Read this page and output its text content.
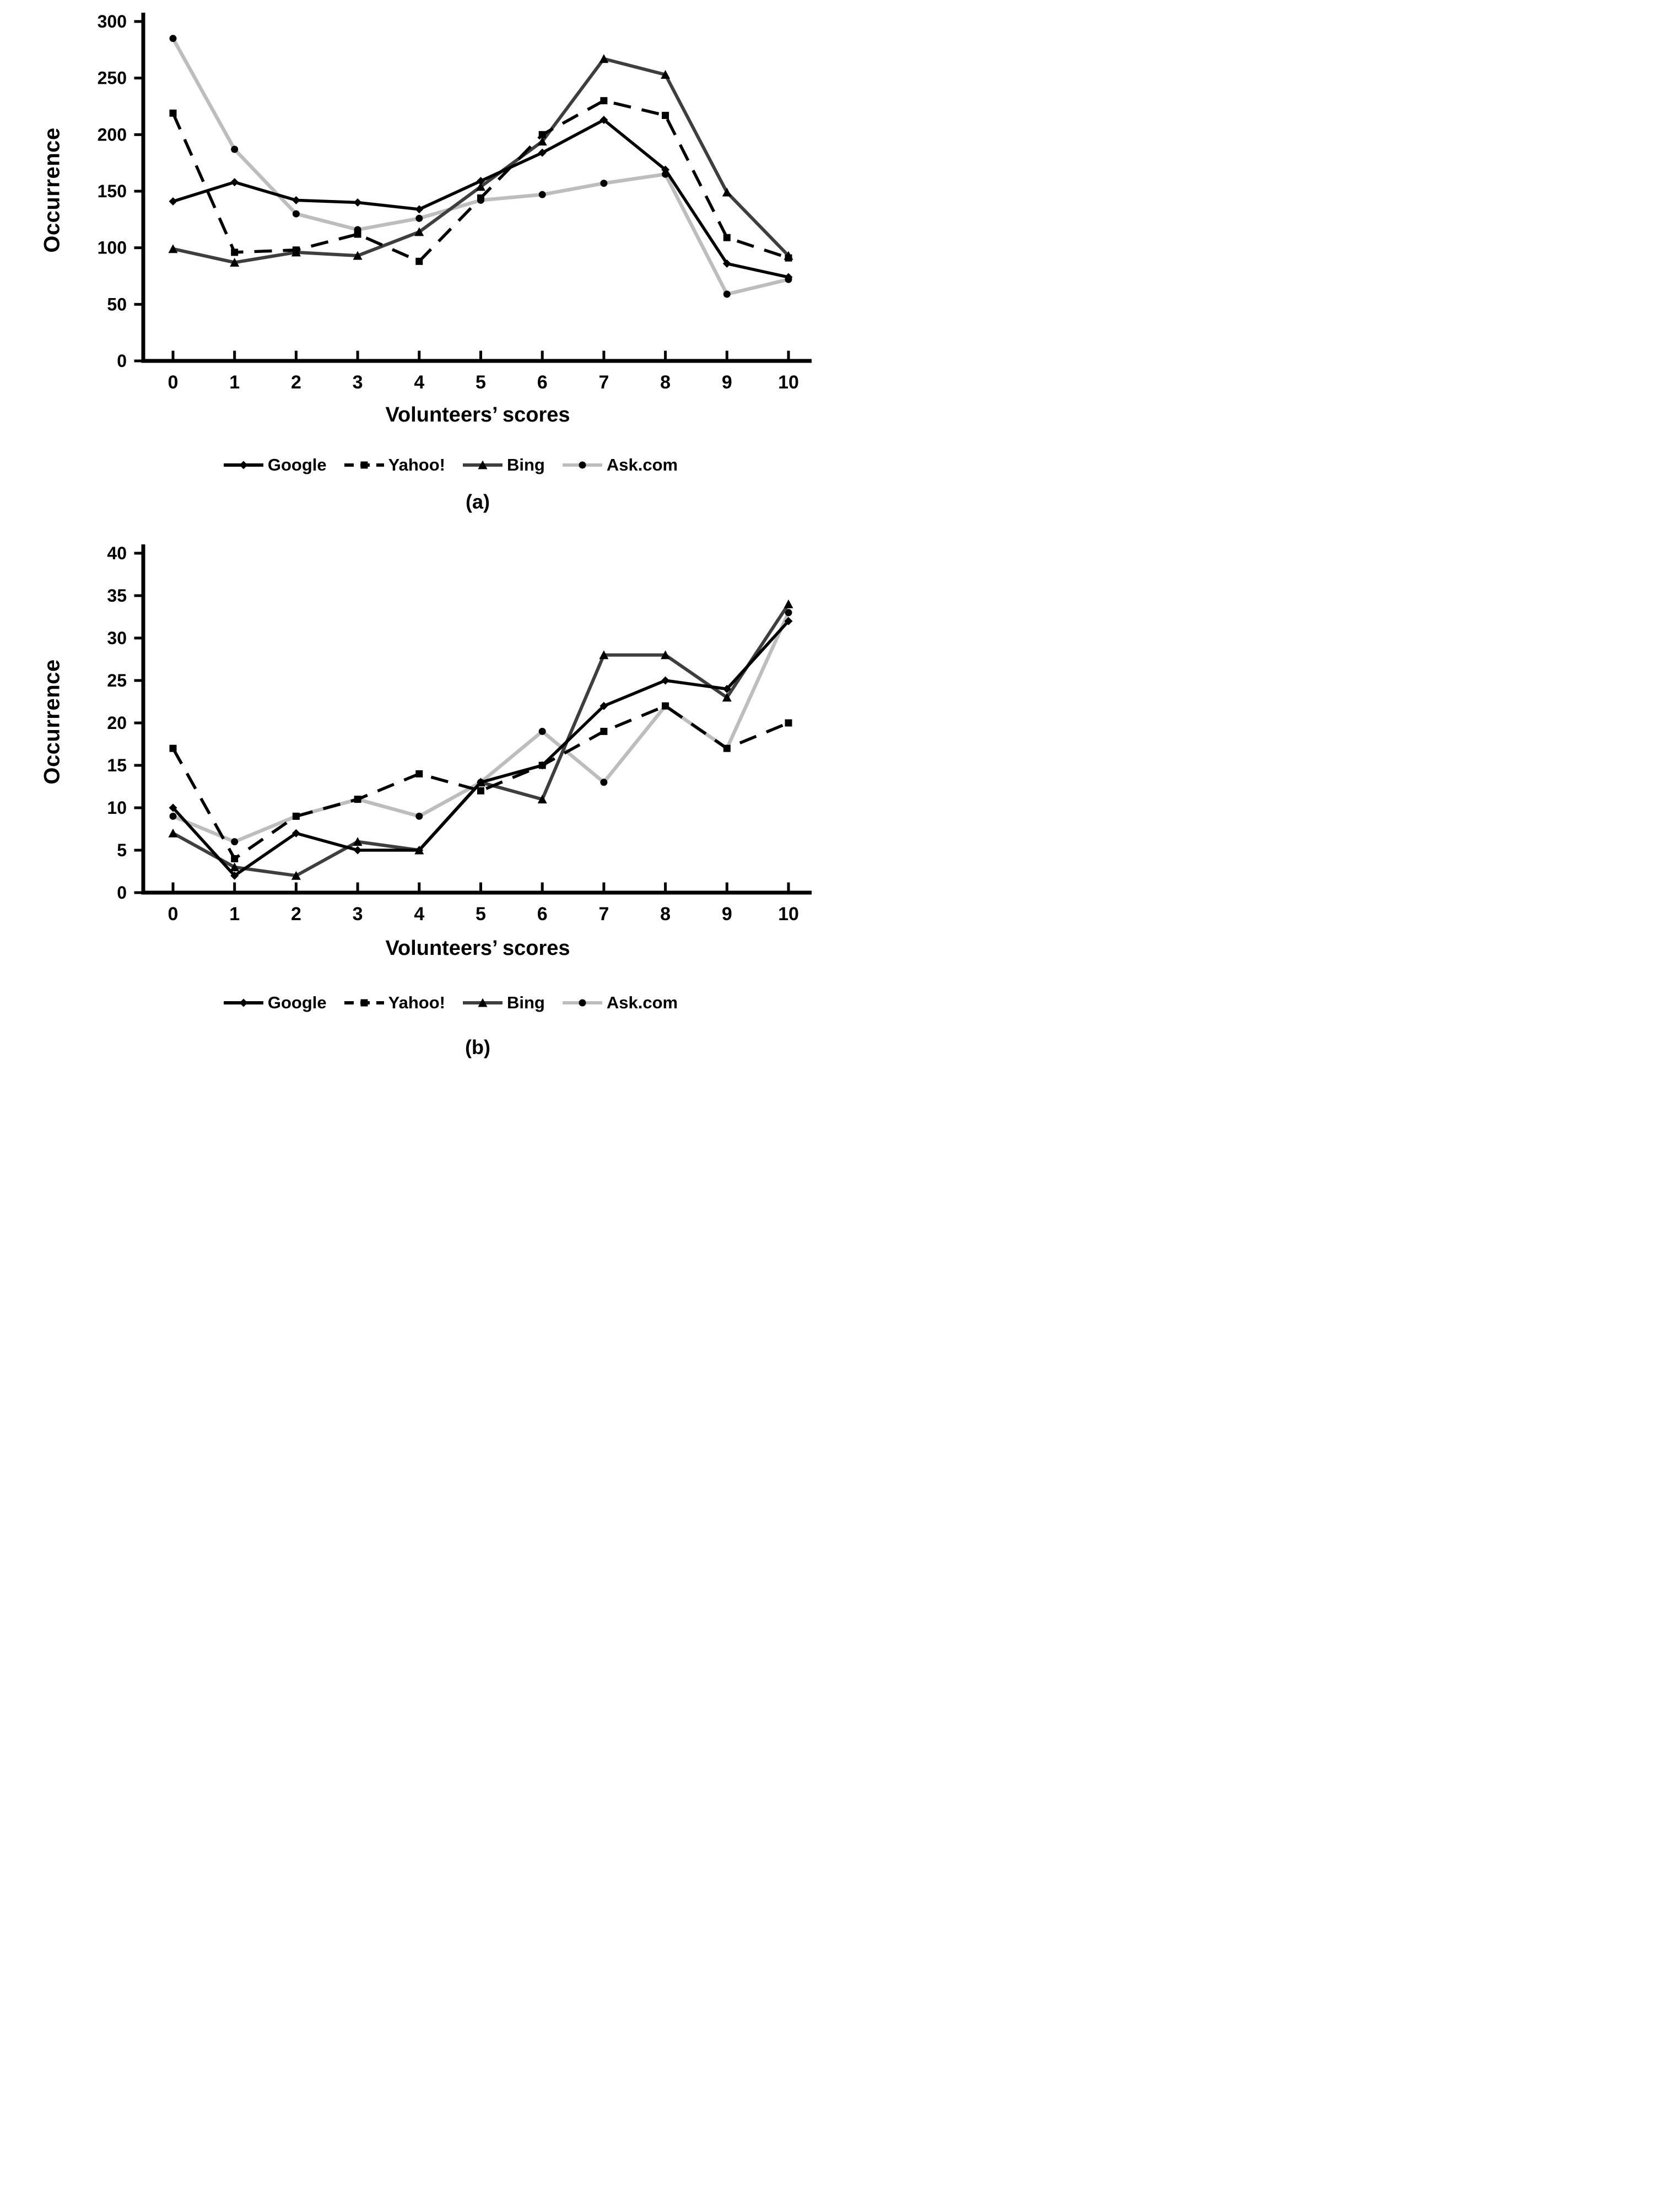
Occurrence
0
50
100
150
200
250
300
0	1	2	3	4	5	6	7	8	9 10
Volunteers’ scores
Google	Yahoo!	Bing	Ask.com
(a)
Occurrence
0
5
10
15
20
25
30
35
40
0	1	2	3	4	5	6	7	8	9 10
Volunteers’ scores
Google	Yahoo!	Bing	Ask.com
(b)
